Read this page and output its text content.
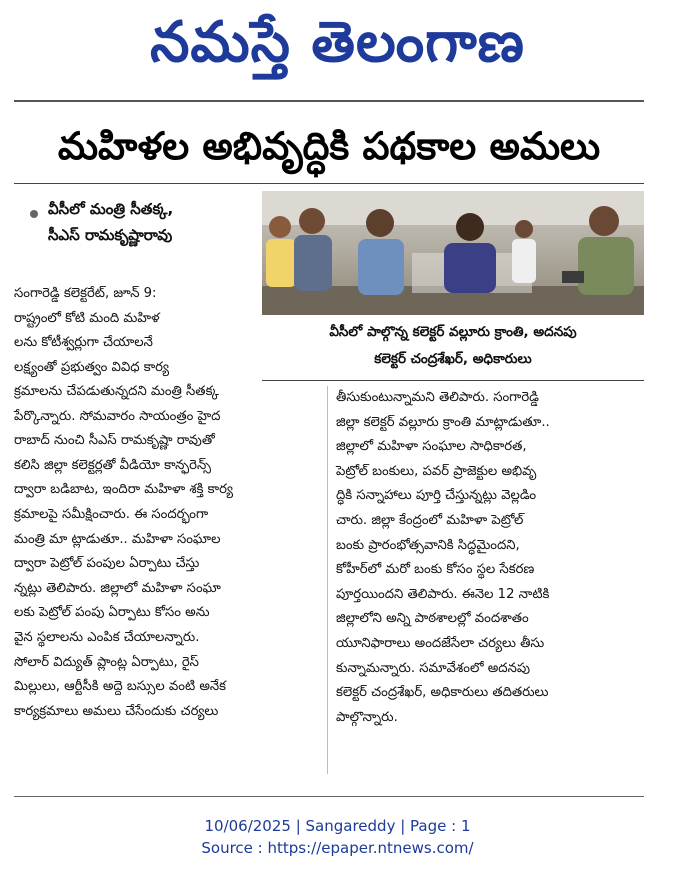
నమస్తే తెలంగాణ
మహిళల అభివృద్ధికి పథకాల అమలు
వీసీలో మంత్రి సీతక్క,
సీఎస్ రామకృష్ణారావు
వీసీలో పాల్గొన్న కలెక్టర్ వల్లూరు క్రాంతి, అదనపు
కలెక్టర్ చంద్రశేఖర్, అధికారులు
సంగారెడ్డి కలెక్టరేట్, జూన్ 9:
రాష్ట్రంలో కోటి మంది మహిళ
లను కోటీశ్వర్లుగా చేయాలనే
లక్ష్యంతో ప్రభుత్వం వివిధ కార్య
క్రమాలను చేపడుతున్నదని మంత్రి సీతక్క
పేర్కొన్నారు. సోమవారం సాయంత్రం హైద
రాబాద్ నుంచి సీఎస్ రామకృష్ణా రావుతో
కలిసి జిల్లా కలెక్టర్లతో వీడియో కాన్ఫరెన్స్
ద్వారా బడిబాట, ఇందిరా మహిళా శక్తి కార్య
క్రమాలపై సమీక్షించారు. ఈ సందర్భంగా
మంత్రి మా ట్లాడుతూ.. మహిళా సంఘాల
ద్వారా పెట్రోల్ పంపుల ఏర్పాటు చేస్తు
న్నట్లు తెలిపారు. జిల్లాలో మహిళా సంఘా
లకు పెట్రోల్ పంపు ఏర్పాటు కోసం అను
వైన స్థలాలను ఎంపిక చేయాలన్నారు.
సోలార్ విద్యుత్ ప్లాంట్ల ఏర్పాటు, రైస్
మిల్లులు, ఆర్టీసీకి అద్దె బస్సుల వంటి అనేక
కార్యక్రమాలు అమలు చేసేందుకు చర్యలు
తీసుకుంటున్నామని తెలిపారు. సంగారెడ్డి
జిల్లా కలెక్టర్ వల్లూరు క్రాంతి మాట్లాడుతూ..
జిల్లాలో మహిళా సంఘాల సాధికారత,
పెట్రోల్ బంకులు, పవర్ ప్రాజెక్టుల అభివృ
ద్ధికి సన్నాహాలు పూర్తి చేస్తున్నట్లు వెల్లడిం
చారు. జిల్లా కేంద్రంలో మహిళా పెట్రోల్
బంకు ప్రారంభోత్సవానికి సిద్ధమైందని,
కోహీర్‌లో మరో బంకు కోసం స్థల సేకరణ
పూర్తయిందని తెలిపారు. ఈనెల 12 నాటికి
జిల్లాలోని అన్ని పాఠశాలల్లో వందశాతం
యూనిఫారాలు అందజేసేలా చర్యలు తీసు
కున్నామన్నారు. సమావేశంలో అదనపు
కలెక్టర్ చంద్రశేఖర్, అధికారులు తదితరులు
పాల్గొన్నారు.
10/06/2025 | Sangareddy | Page : 1
Source : https://epaper.ntnews.com/
